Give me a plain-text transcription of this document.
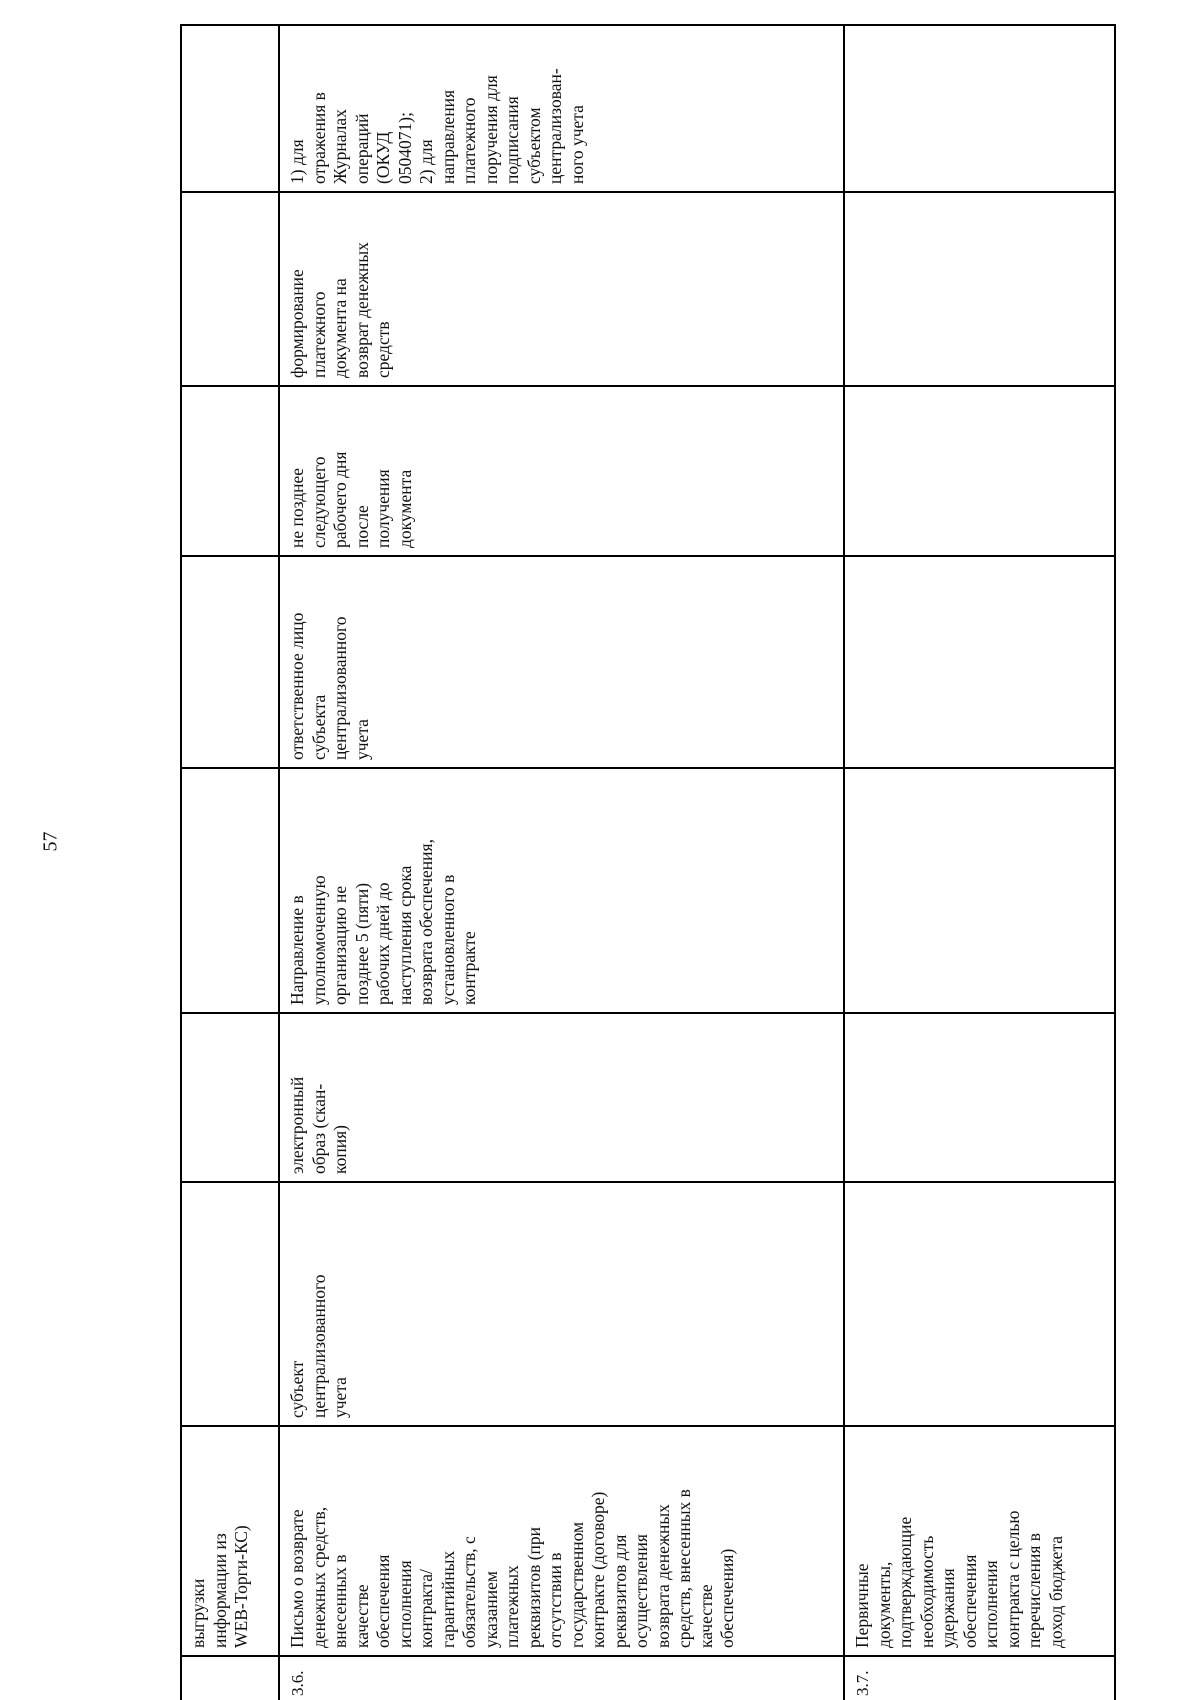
57
выгрузки
информации из
WEB-Торги-КС)
3.6.
Письмо о возврате
денежных средств,
внесенных в
качестве
обеспечения
исполнения
контракта/
гарантийных
обязательств, с
указанием
платежных
реквизитов (при
отсутствии в
государственном
контракте (договоре)
реквизитов для
осуществления
возврата денежных
средств, внесенных в
качестве
обеспечения)
субъект
централизованного
учета
электронный
образ (скан-
копия)
Направление в
уполномоченную
организацию не
позднее 5 (пяти)
рабочих дней до
наступления срока
возврата обеспечения,
установленного в
контракте
ответственное лицо
субъекта
централизованного
учета
не позднее
следующего
рабочего дня
после
получения
документа
формирование
платежного
документа на
возврат денежных
средств
1) для
отражения в
Журналах
операций
(ОКУД
0504071);
2) для
направления
платежного
поручения для
подписания
субъектом
централизован-
ного учета
3.7.
Первичные
документы,
подтверждающие
необходимость
удержания
обеспечения
исполнения
контракта с целью
перечисления в
доход бюджета
